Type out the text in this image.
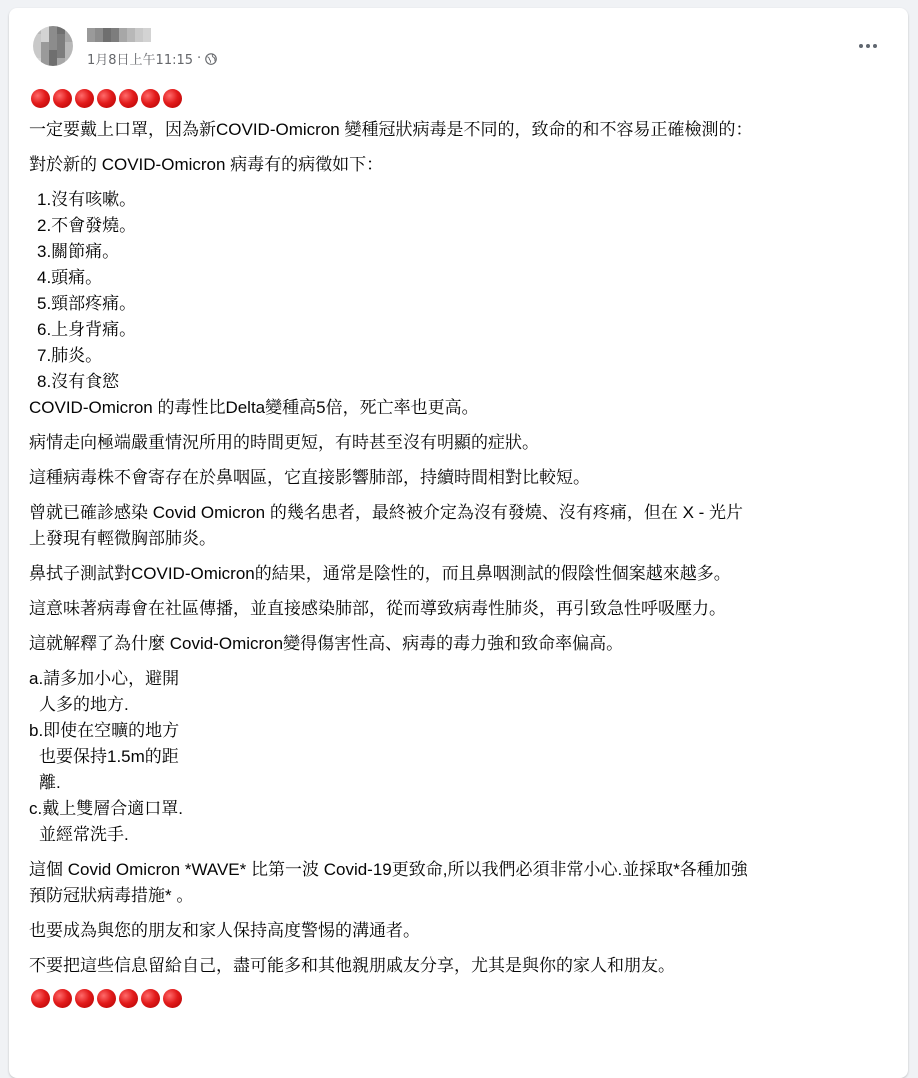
1月8日上午11:15 ·

一定要戴上口罩，因為新COVID-Omicron 變種冠狀病毒是不同的，致命的和不容易正確檢測的：

對於新的 COVID-Omicron 病毒有的病徵如下：

1.沒有咳嗽。

2.不會發燒。

3.關節痛。

4.頭痛。

5.頸部疼痛。

6.上身背痛。

7.肺炎。

8.沒有食慾

COVID-Omicron 的毒性比Delta變種高5倍，死亡率也更高。

病情走向極端嚴重情況所用的時間更短，有時甚至沒有明顯的症狀。

這種病毒株不會寄存在於鼻咽區，它直接影響肺部，持續時間相對比較短。

曾就已確診感染 Covid Omicron 的幾名患者，最終被介定為沒有發燒、沒有疼痛，但在 X - 光片

上發現有輕微胸部肺炎。

鼻拭子測試對COVID-Omicron的結果，通常是陰性的，而且鼻咽測試的假陰性個案越來越多。

這意味著病毒會在社區傳播，並直接感染肺部，從而導致病毒性肺炎，再引致急性呼吸壓力。

這就解釋了為什麼 Covid-Omicron變得傷害性高、病毒的毒力強和致命率偏高。

a.請多加小心，避開

人多的地方.

b.即使在空曠的地方

也要保持1.5m的距

離.

c.戴上雙層合適口罩.

並經常洗手.

這個 Covid Omicron *WAVE* 比第一波 Covid-19更致命,所以我們必須非常小心.並採取*各種加強

預防冠狀病毒措施* 。

也要成為與您的朋友和家人保持高度警惕的溝通者。

不要把這些信息留給自己，盡可能多和其他親朋戚友分享，尤其是與你的家人和朋友。
